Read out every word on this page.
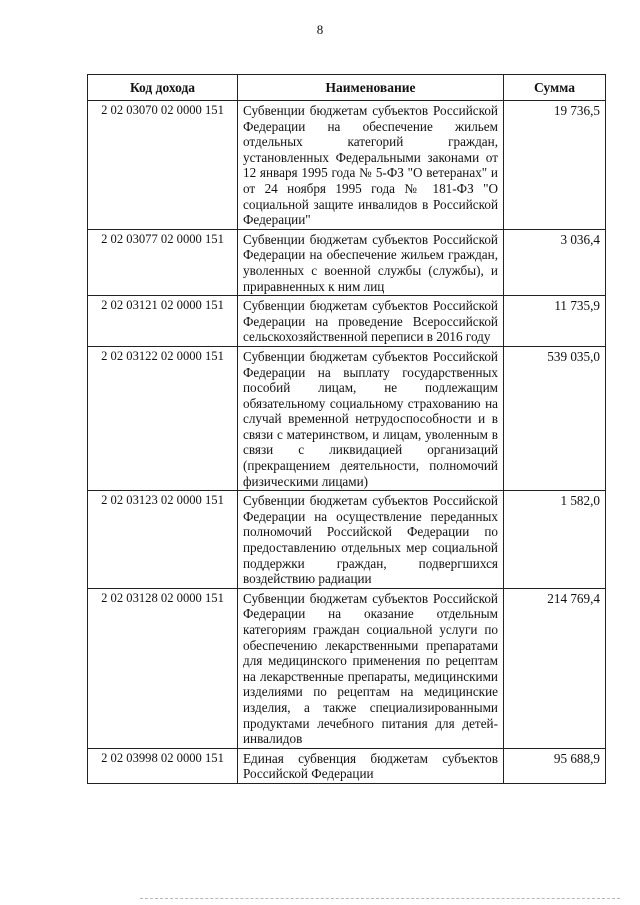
8
Код дохода	Наименование	Сумма
2 02 03070 02 0000 151	Субвенции бюджетам субъектов Российской Федерации на обеспечение жильем отдельных категорий граждан, установленных Федеральными законами от 12 января 1995 года № 5-ФЗ "О ветеранах" и от 24 ноября 1995 года № 181-ФЗ "О социальной защите инвалидов в Российской Федерации"	19 736,5
2 02 03077 02 0000 151	Субвенции бюджетам субъектов Российской Федерации на обеспечение жильем граждан, уволенных с военной службы (службы), и приравненных к ним лиц	3 036,4
2 02 03121 02 0000 151	Субвенции бюджетам субъектов Российской Федерации на проведение Всероссийской сельскохозяйственной переписи в 2016 году	11 735,9
2 02 03122 02 0000 151	Субвенции бюджетам субъектов Российской Федерации на выплату государственных пособий лицам, не подлежащим обязательному социальному страхованию на случай временной нетрудоспособности и в связи с материнством, и лицам, уволенным в связи с ликвидацией организаций (прекращением деятельности, полномочий физическими лицами)	539 035,0
2 02 03123 02 0000 151	Субвенции бюджетам субъектов Российской Федерации на осуществление переданных полномочий Российской Федерации по предоставлению отдельных мер социальной поддержки граждан, подвергшихся воздействию радиации	1 582,0
2 02 03128 02 0000 151	Субвенции бюджетам субъектов Российской Федерации на оказание отдельным категориям граждан социальной услуги по обеспечению лекарственными препаратами для медицинского применения по рецептам на лекарственные препараты, медицинскими изделиями по рецептам на медицинские изделия, а также специализированными продуктами лечебного питания для детей-инвалидов	214 769,4
2 02 03998 02 0000 151	Единая субвенция бюджетам субъектов Российской Федерации	95 688,9
